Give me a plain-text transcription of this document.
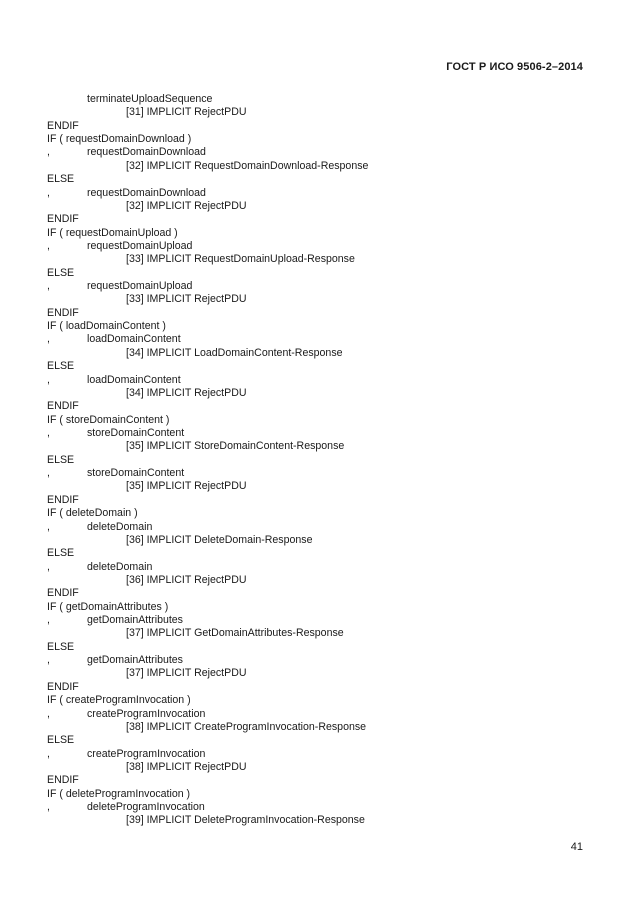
ГОСТ Р ИСО 9506-2–2014
terminateUploadSequence
[31] IMPLICIT RejectPDU
ENDIF
IF ( requestDomainDownload )
,	requestDomainDownload
[32] IMPLICIT RequestDomainDownload-Response
ELSE
,	requestDomainDownload
[32] IMPLICIT RejectPDU
ENDIF
IF ( requestDomainUpload )
,	requestDomainUpload
[33] IMPLICIT RequestDomainUpload-Response
ELSE
,	requestDomainUpload
[33] IMPLICIT RejectPDU
ENDIF
IF ( loadDomainContent )
,	loadDomainContent
[34] IMPLICIT LoadDomainContent-Response
ELSE
,	loadDomainContent
[34] IMPLICIT RejectPDU
ENDIF
IF ( storeDomainContent )
,	storeDomainContent
[35] IMPLICIT StoreDomainContent-Response
ELSE
,	storeDomainContent
[35] IMPLICIT RejectPDU
ENDIF
IF ( deleteDomain )
,	deleteDomain
[36] IMPLICIT DeleteDomain-Response
ELSE
,	deleteDomain
[36] IMPLICIT RejectPDU
ENDIF
IF ( getDomainAttributes )
,	getDomainAttributes
[37] IMPLICIT GetDomainAttributes-Response
ELSE
,	getDomainAttributes
[37] IMPLICIT RejectPDU
ENDIF
IF ( createProgramInvocation )
,	createProgramInvocation
[38] IMPLICIT CreateProgramInvocation-Response
ELSE
,	createProgramInvocation
[38] IMPLICIT RejectPDU
ENDIF
IF ( deleteProgramInvocation )
,	deleteProgramInvocation
[39] IMPLICIT DeleteProgramInvocation-Response
41
